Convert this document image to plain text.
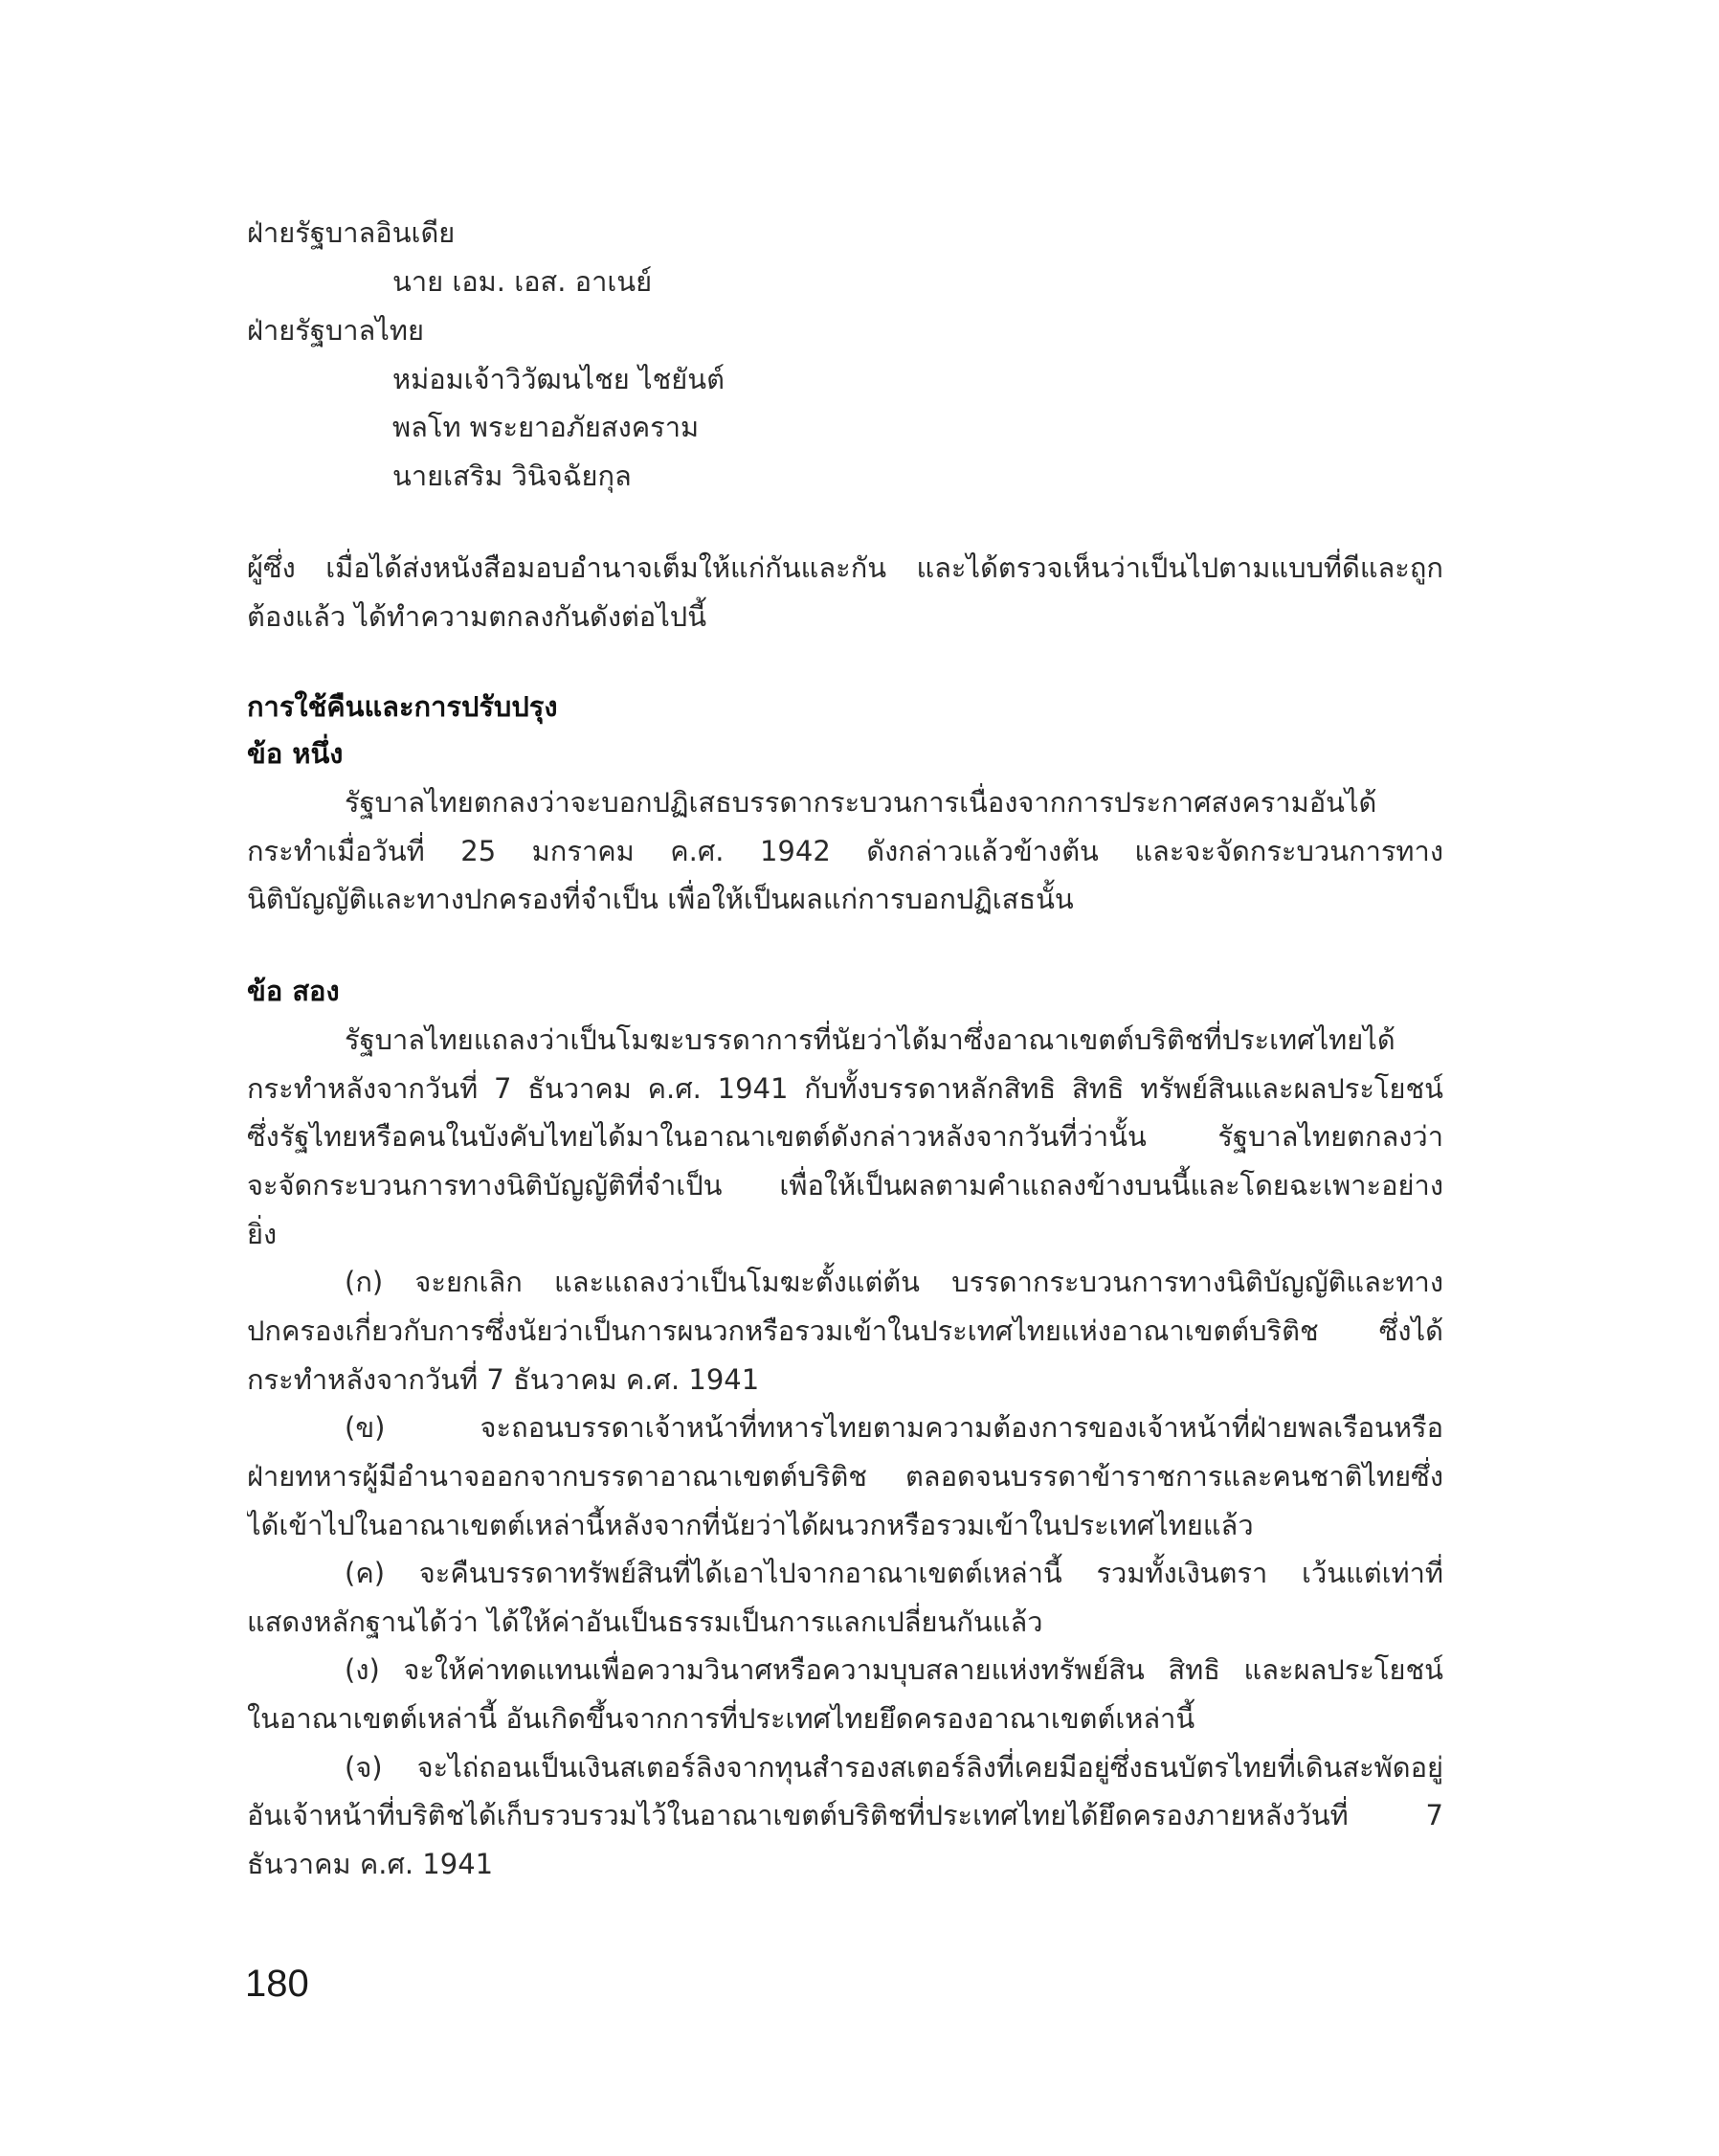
ฝ่ายรัฐบาลอินเดีย
นาย เอม. เอส. อาเนย์
ฝ่ายรัฐบาลไทย
หม่อมเจ้าวิวัฒนไชย ไชยันต์
พลโท พระยาอภัยสงคราม
นายเสริม วินิจฉัยกุล
ผู้ซึ่ง เมื่อได้ส่งหนังสือมอบอำนาจเต็มให้แก่กันและกัน และได้ตรวจเห็นว่าเป็นไปตามแบบที่ดีและถูก
ต้องแล้ว ได้ทำความตกลงกันดังต่อไปนี้
การใช้คืนและการปรับปรุง
ข้อ หนึ่ง
รัฐบาลไทยตกลงว่าจะบอกปฏิเสธบรรดากระบวนการเนื่องจากการประกาศสงครามอันได้
กระทำเมื่อวันที่ 25 มกราคม ค.ศ. 1942 ดังกล่าวแล้วข้างต้น และจะจัดกระบวนการทาง
นิติบัญญัติและทางปกครองที่จำเป็น เพื่อให้เป็นผลแก่การบอกปฏิเสธนั้น
ข้อ สอง
รัฐบาลไทยแถลงว่าเป็นโมฆะบรรดาการที่นัยว่าได้มาซึ่งอาณาเขตต์บริติชที่ประเทศไทยได้
กระทำหลังจากวันที่ 7 ธันวาคม ค.ศ. 1941 กับทั้งบรรดาหลักสิทธิ สิทธิ ทรัพย์สินและผลประโยชน์
ซึ่งรัฐไทยหรือคนในบังคับไทยได้มาในอาณาเขตต์ดังกล่าวหลังจากวันที่ว่านั้น รัฐบาลไทยตกลงว่า
จะจัดกระบวนการทางนิติบัญญัติที่จำเป็น เพื่อให้เป็นผลตามคำแถลงข้างบนนี้และโดยฉะเพาะอย่าง
ยิ่ง
(ก) จะยกเลิก และแถลงว่าเป็นโมฆะตั้งแต่ต้น บรรดากระบวนการทางนิติบัญญัติและทาง
ปกครองเกี่ยวกับการซึ่งนัยว่าเป็นการผนวกหรือรวมเข้าในประเทศไทยแห่งอาณาเขตต์บริติช ซึ่งได้
กระทำหลังจากวันที่ 7 ธันวาคม ค.ศ. 1941
(ข) จะถอนบรรดาเจ้าหน้าที่ทหารไทยตามความต้องการของเจ้าหน้าที่ฝ่ายพลเรือนหรือ
ฝ่ายทหารผู้มีอำนาจออกจากบรรดาอาณาเขตต์บริติช ตลอดจนบรรดาข้าราชการและคนชาติไทยซึ่ง
ได้เข้าไปในอาณาเขตต์เหล่านี้หลังจากที่นัยว่าได้ผนวกหรือรวมเข้าในประเทศไทยแล้ว
(ค) จะคืนบรรดาทรัพย์สินที่ได้เอาไปจากอาณาเขตต์เหล่านี้ รวมทั้งเงินตรา เว้นแต่เท่าที่
แสดงหลักฐานได้ว่า ได้ให้ค่าอันเป็นธรรมเป็นการแลกเปลี่ยนกันแล้ว
(ง) จะให้ค่าทดแทนเพื่อความวินาศหรือความบุบสลายแห่งทรัพย์สิน สิทธิ และผลประโยชน์
ในอาณาเขตต์เหล่านี้ อันเกิดขึ้นจากการที่ประเทศไทยยึดครองอาณาเขตต์เหล่านี้
(จ) จะไถ่ถอนเป็นเงินสเตอร์ลิงจากทุนสำรองสเตอร์ลิงที่เคยมีอยู่ซึ่งธนบัตรไทยที่เดินสะพัดอยู่
อันเจ้าหน้าที่บริติชได้เก็บรวบรวมไว้ในอาณาเขตต์บริติชที่ประเทศไทยได้ยึดครองภายหลังวันที่ 7
ธันวาคม ค.ศ. 1941
180
